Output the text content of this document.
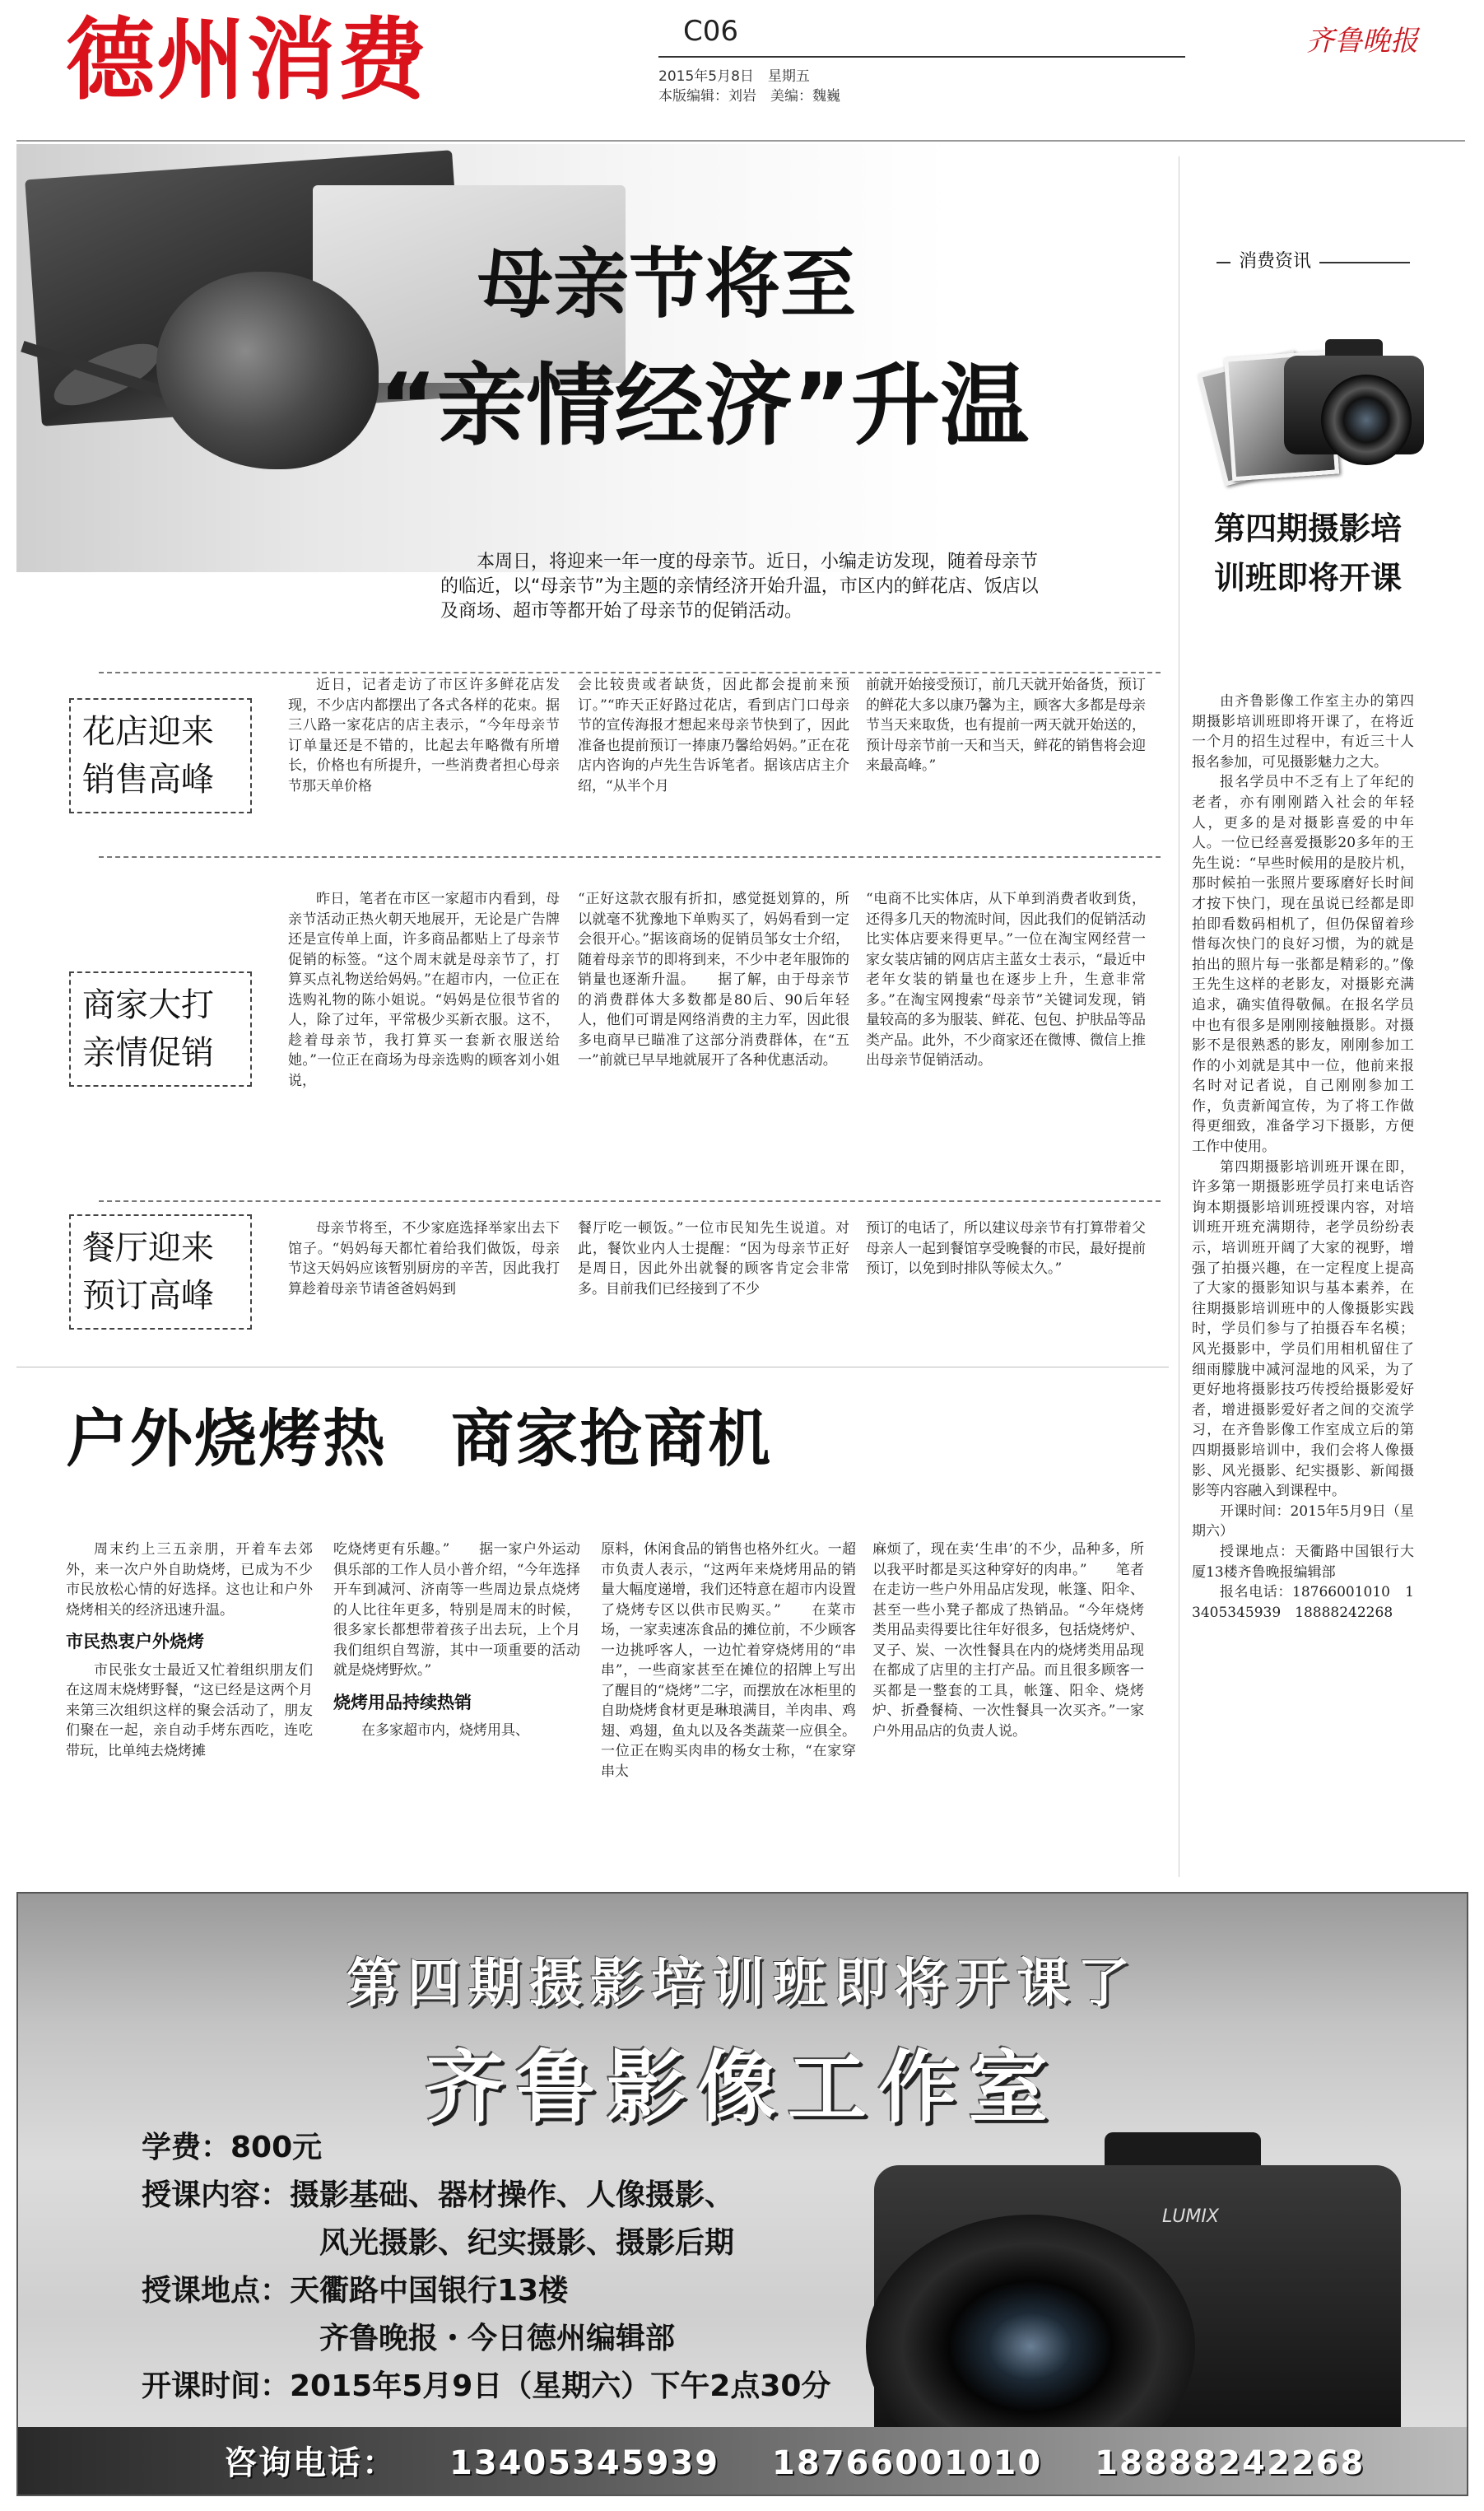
德州消费	C06
2015年5月8日　星期五
本版编辑：刘岩　美编：魏巍
齐鲁晚报
母亲节将至
“亲情经济”升温
本周日，将迎来一年一度的母亲节。近日，小编走访发现，随着母亲节的临近，以“母亲节”为主题的亲情经济开始升温，市区内的鲜花店、饭店以及商场、超市等都开始了母亲节的促销活动。
花店迎来销售高峰

近日，记者走访了市区许多鲜花店发现，不少店内都摆出了各式各样的花束。据三八路一家花店的店主表示，“今年母亲节订单量还是不错的，比起去年略微有所增长，价格也有所提升，一些消费者担心母亲节那天单价格

会比较贵或者缺货，因此都会提前来预订。”“昨天正好路过花店，看到店门口母亲节的宣传海报才想起来母亲节快到了，因此准备也提前预订一捧康乃馨给妈妈。”正在花店内咨询的卢先生告诉笔者。据该店店主介绍，“从半个月

前就开始接受预订，前几天就开始备货，预订的鲜花大多以康乃馨为主，顾客大多都是母亲节当天来取货，也有提前一两天就开始送的，预计母亲节前一天和当天，鲜花的销售将会迎来最高峰。”

商家大打亲情促销

昨日，笔者在市区一家超市内看到，母亲节活动正热火朝天地展开，无论是广告牌还是宣传单上面，许多商品都贴上了母亲节促销的标签。“这个周末就是母亲节了，打算买点礼物送给妈妈。”在超市内，一位正在选购礼物的陈小姐说。“妈妈是位很节省的人，除了过年，平常极少买新衣服。这不，趁着母亲节，我打算买一套新衣服送给她。”一位正在商场为母亲选购的顾客刘小姐说，

“正好这款衣服有折扣，感觉挺划算的，所以就毫不犹豫地下单购买了，妈妈看到一定会很开心。”据该商场的促销员邹女士介绍，随着母亲节的即将到来，不少中老年服饰的销量也逐渐升温。　　据了解，由于母亲节的消费群体大多数都是80后、90后年轻人，他们可谓是网络消费的主力军，因此很多电商早已瞄准了这部分消费群体，在“五一”前就已早早地就展开了各种优惠活动。

“电商不比实体店，从下单到消费者收到货，还得多几天的物流时间，因此我们的促销活动比实体店要来得更早。”一位在淘宝网经营一家女装店铺的网店店主蓝女士表示，“最近中老年女装的销量也在逐步上升，生意非常多。”在淘宝网搜索“母亲节”关键词发现，销量较高的多为服装、鲜花、包包、护肤品等品类产品。此外，不少商家还在微博、微信上推出母亲节促销活动。

餐厅迎来预订高峰

母亲节将至，不少家庭选择举家出去下馆子。“妈妈每天都忙着给我们做饭，母亲节这天妈妈应该暂别厨房的辛苦，因此我打算趁着母亲节请爸爸妈妈到

餐厅吃一顿饭。”一位市民知先生说道。对此，餐饮业内人士提醒：“因为母亲节正好是周日，因此外出就餐的顾客肯定会非常多。目前我们已经接到了不少

预订的电话了，所以建议母亲节有打算带着父母亲人一起到餐馆享受晚餐的市民，最好提前预订，以免到时排队等候太久。”

户外烧烤热　商家抢商机

周末约上三五亲朋，开着车去郊外，来一次户外自助烧烤，已成为不少市民放松心情的好选择。这也让和户外烧烤相关的经济迅速升温。

市民热衷户外烧烤

市民张女士最近又忙着组织朋友们在这周末烧烤野餐，“这已经是这两个月来第三次组织这样的聚会活动了，朋友们聚在一起，亲自动手烤东西吃，连吃带玩，比单纯去烧烤摊

吃烧烤更有乐趣。”　　据一家户外运动俱乐部的工作人员小普介绍，“今年选择开车到减河、济南等一些周边景点烧烤的人比往年更多，特别是周末的时候，很多家长都想带着孩子出去玩，上个月我们组织自驾游，其中一项重要的活动就是烧烤野炊。”

烧烤用品持续热销

在多家超市内，烧烤用具、

原料，休闲食品的销售也格外红火。一超市负责人表示，“这两年来烧烤用品的销量大幅度递增，我们还特意在超市内设置了烧烤专区以供市民购买。”　　在菜市场，一家卖速冻食品的摊位前，不少顾客一边挑呼客人，一边忙着穿烧烤用的“串串”，一些商家甚至在摊位的招牌上写出了醒目的“烧烤”二字，而摆放在冰柜里的自助烧烤食材更是琳琅满目，羊肉串、鸡翅、鸡翅，鱼丸以及各类蔬菜一应俱全。一位正在购买肉串的杨女士称，“在家穿串太

麻烦了，现在卖‘生串’的不少，品种多，所以我平时都是买这种穿好的肉串。”　　笔者在走访一些户外用品店发现，帐篷、阳伞、甚至一些小凳子都成了热销品。“今年烧烤类用品卖得要比往年好很多，包括烧烤炉、叉子、炭、一次性餐具在内的烧烤类用品现在都成了店里的主打产品。而且很多顾客一买都是一整套的工具，帐篷、阳伞、烧烤炉、折叠餐椅、一次性餐具一次买齐。”一家户外用品店的负责人说。

消费资讯
第四期摄影培训班即将开课

由齐鲁影像工作室主办的第四期摄影培训班即将开课了，在将近一个月的招生过程中，有近三十人报名参加，可见摄影魅力之大。

报名学员中不乏有上了年纪的老者，亦有刚刚踏入社会的年轻人，更多的是对摄影喜爱的中年人。一位已经喜爱摄影20多年的王先生说：“早些时候用的是胶片机，那时候拍一张照片要琢磨好长时间才按下快门，现在虽说已经都是即拍即看数码相机了，但仍保留着珍惜每次快门的良好习惯，为的就是拍出的照片每一张都是精彩的。”像王先生这样的老影友，对摄影充满追求，确实值得敬佩。在报名学员中也有很多是刚刚接触摄影。对摄影不是很熟悉的影友，刚刚参加工作的小刘就是其中一位，他前来报名时对记者说，自己刚刚参加工作，负责新闻宣传，为了将工作做得更细致，准备学习下摄影，方便工作中使用。

第四期摄影培训班开课在即，许多第一期摄影班学员打来电话咨询本期摄影培训班授课内容，对培训班开班充满期待，老学员纷纷表示，培训班开阔了大家的视野，增强了拍摄兴趣，在一定程度上提高了大家的摄影知识与基本素养，在往期摄影培训班中的人像摄影实践时，学员们参与了拍摄吞车名模；风光摄影中，学员们用相机留住了细雨朦胧中减河湿地的风采，为了更好地将摄影技巧传授给摄影爱好者，增进摄影爱好者之间的交流学习，在齐鲁影像工作室成立后的第四期摄影培训中，我们会将人像摄影、风光摄影、纪实摄影、新闻摄影等内容融入到课程中。

开课时间：2015年5月9日（星期六）

授课地点：天衢路中国银行大厦13楼齐鲁晚报编辑部

报名电话：18766001010　13405345939　18888242268

第四期摄影培训班即将开课了
齐鲁影像工作室
LUMIX
学费：800元
授课内容：摄影基础、器材操作、人像摄影、
风光摄影、纪实摄影、摄影后期
授课地点：天衢路中国银行13楼
齐鲁晚报・今日德州编辑部
开课时间：2015年5月9日（星期六）下午2点30分
咨询电话： 13405345939 18766001010 18888242268
